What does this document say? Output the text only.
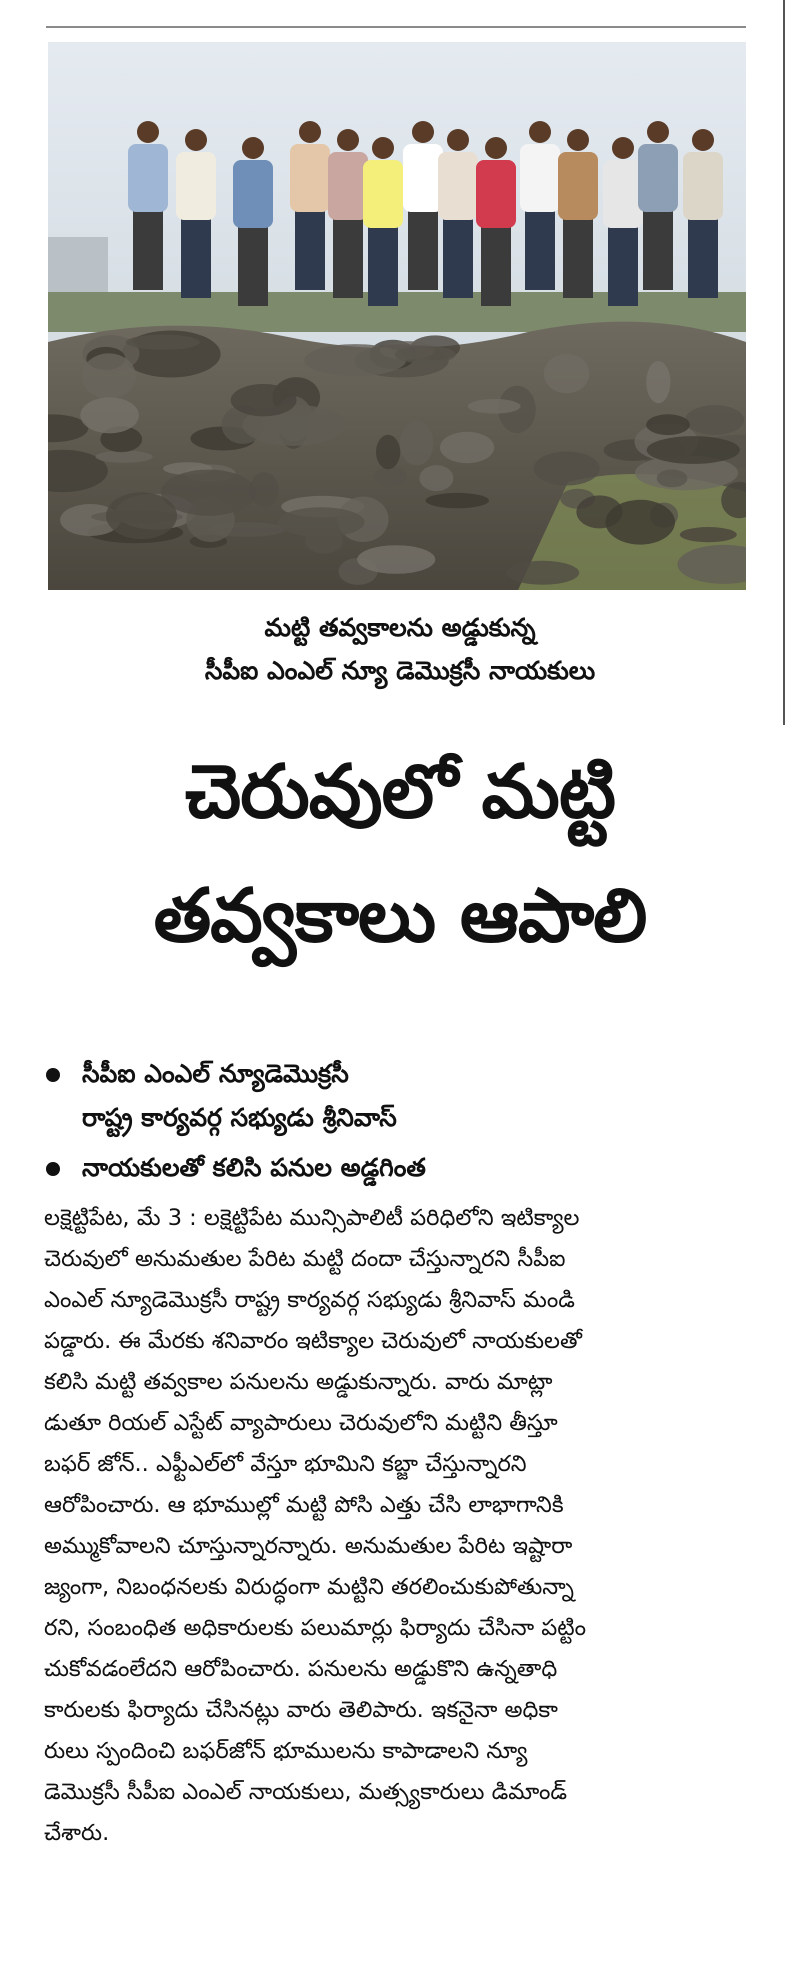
మట్టి తవ్వకాలను అడ్డుకున్న
సీపీఐ ఎంఎల్ న్యూ డెమొక్రసీ నాయకులు
చెరువులో మట్టి
తవ్వకాలు ఆపాలి
సీపీఐ ఎంఎల్ న్యూడెమొక్రసీ
రాష్ట్ర కార్యవర్గ సభ్యుడు శ్రీనివాస్
నాయకులతో కలిసి పనుల అడ్డగింత
లక్షెట్టిపేట, మే 3 : లక్షెట్టిపేట మున్సిపాలిటీ పరిధిలోని ఇటిక్యాల
చెరువులో అనుమతుల పేరిట మట్టి దందా చేస్తున్నారని సీపీఐ
ఎంఎల్ న్యూడెమొక్రసీ రాష్ట్ర కార్యవర్గ సభ్యుడు శ్రీనివాస్ మండి
పడ్డారు. ఈ మేరకు శనివారం ఇటిక్యాల చెరువులో నాయకులతో
కలిసి మట్టి తవ్వకాల పనులను అడ్డుకున్నారు. వారు మాట్లా
డుతూ రియల్ ఎస్టేట్ వ్యాపారులు చెరువులోని మట్టిని తీస్తూ
బఫర్ జోన్.. ఎఫ్టీఎల్‌లో వేస్తూ భూమిని కబ్జా చేస్తున్నారని
ఆరోపించారు. ఆ భూముల్లో మట్టి పోసి ఎత్తు చేసి లాభాగానికి
అమ్ముకోవాలని చూస్తున్నారన్నారు. అనుమతుల పేరిట ఇష్టారా
జ్యంగా, నిబంధనలకు విరుద్ధంగా మట్టిని తరలించుకుపోతున్నా
రని, సంబంధిత అధికారులకు పలుమార్లు ఫిర్యాదు చేసినా పట్టిం
చుకోవడంలేదని ఆరోపించారు. పనులను అడ్డుకొని ఉన్నతాధి
కారులకు ఫిర్యాదు చేసినట్లు వారు తెలిపారు. ఇకనైనా అధికా
రులు స్పందించి బఫర్‌జోన్ భూములను కాపాడాలని న్యూ
డెమొక్రసీ సీపీఐ ఎంఎల్ నాయకులు, మత్స్యకారులు డిమాండ్
చేశారు.
